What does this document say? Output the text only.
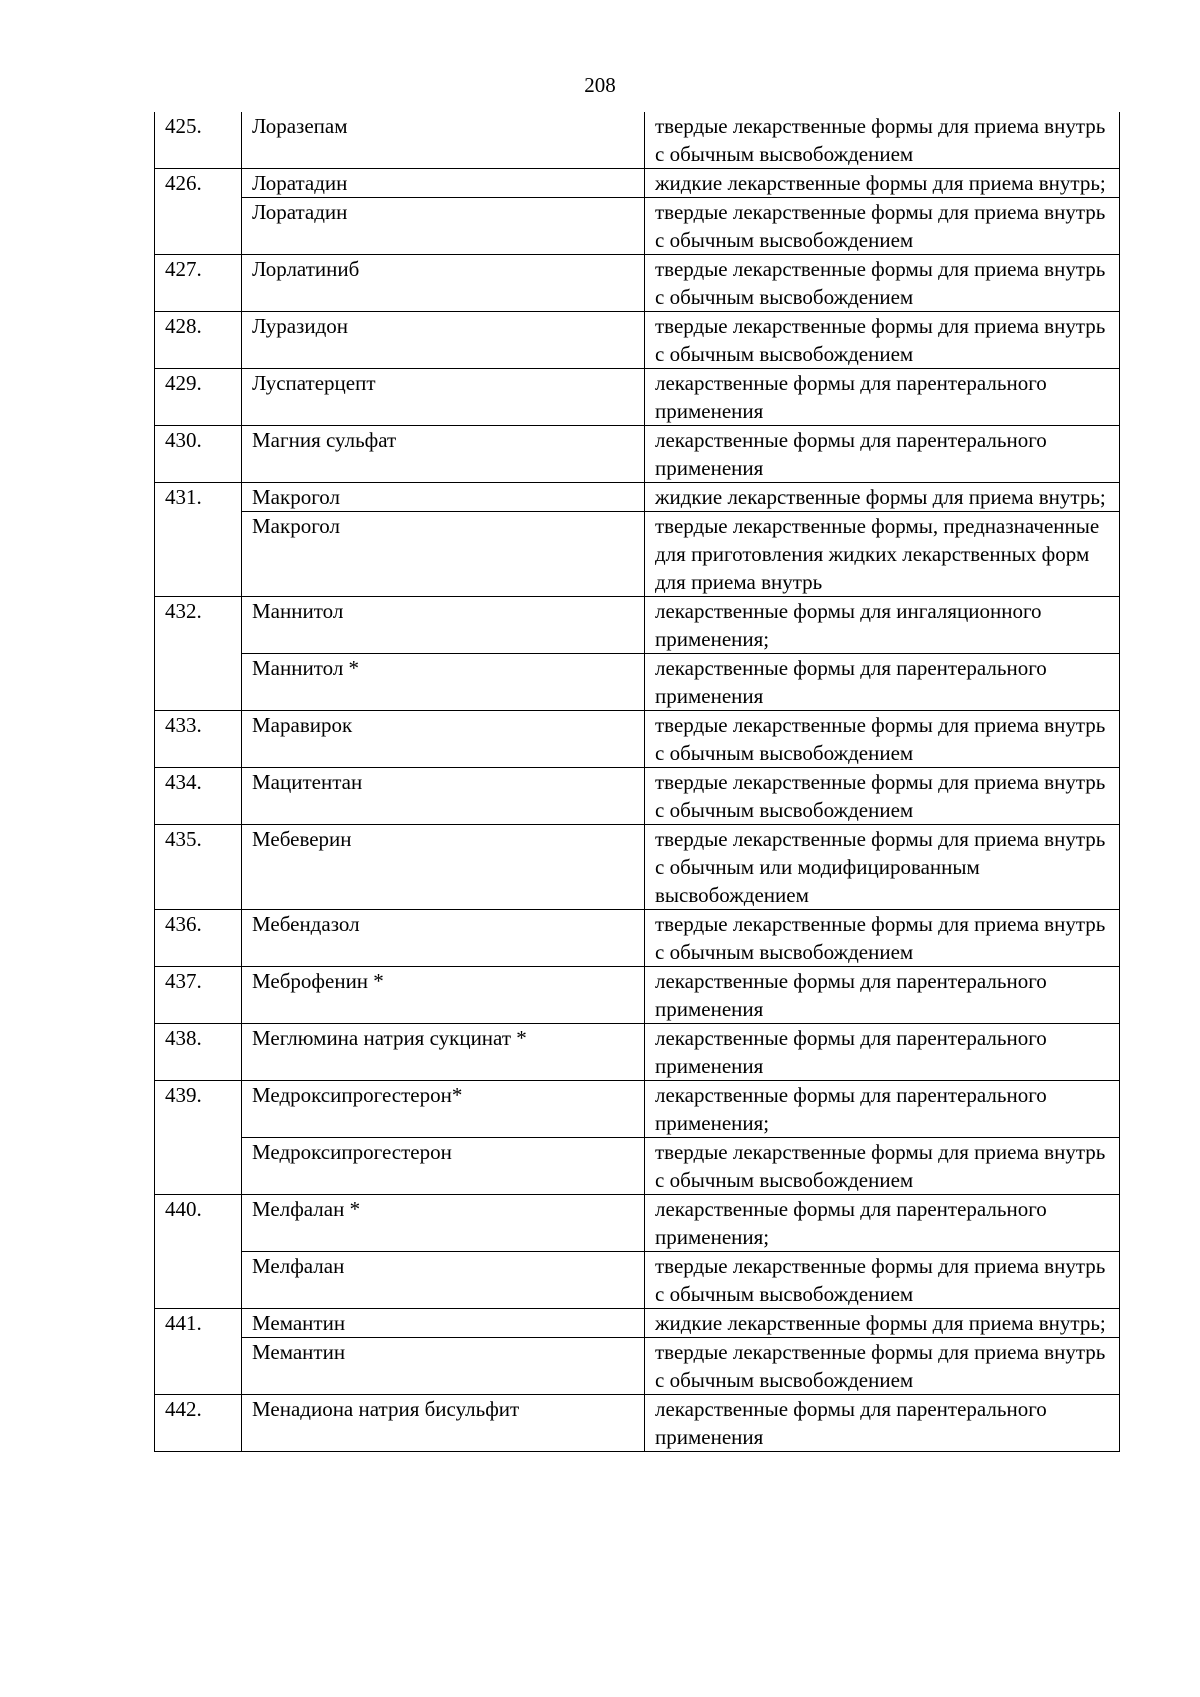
208
425.	Лоразепам	твердые лекарственные формы для приема внутрь с обычным высвобождением
426.	Лоратадин	жидкие лекарственные формы для приема внутрь;
	Лоратадин	твердые лекарственные формы для приема внутрь с обычным высвобождением
427.	Лорлатиниб	твердые лекарственные формы для приема внутрь с обычным высвобождением
428.	Луразидон	твердые лекарственные формы для приема внутрь с обычным высвобождением
429.	Луспатерцепт	лекарственные формы для парентерального применения
430.	Магния сульфат	лекарственные формы для парентерального применения
431.	Макрогол	жидкие лекарственные формы для приема внутрь;
	Макрогол	твердые лекарственные формы, предназначенные для приготовления жидких лекарственных форм для приема внутрь
432.	Маннитол	лекарственные формы для ингаляционного применения;
	Маннитол *	лекарственные формы для парентерального применения
433.	Маравирок	твердые лекарственные формы для приема внутрь с обычным высвобождением
434.	Мацитентан	твердые лекарственные формы для приема внутрь с обычным высвобождением
435.	Мебеверин	твердые лекарственные формы для приема внутрь с обычным или модифицированным высвобождением
436.	Мебендазол	твердые лекарственные формы для приема внутрь с обычным высвобождением
437.	Меброфенин *	лекарственные формы для парентерального применения
438.	Меглюмина натрия сукцинат *	лекарственные формы для парентерального применения
439.	Медроксипрогестерон*	лекарственные формы для парентерального применения;
	Медроксипрогестерон	твердые лекарственные формы для приема внутрь с обычным высвобождением
440.	Мелфалан *	лекарственные формы для парентерального применения;
	Мелфалан	твердые лекарственные формы для приема внутрь с обычным высвобождением
441.	Мемантин	жидкие лекарственные формы для приема внутрь;
	Мемантин	твердые лекарственные формы для приема внутрь с обычным высвобождением
442.	Менадиона натрия бисульфит	лекарственные формы для парентерального применения
